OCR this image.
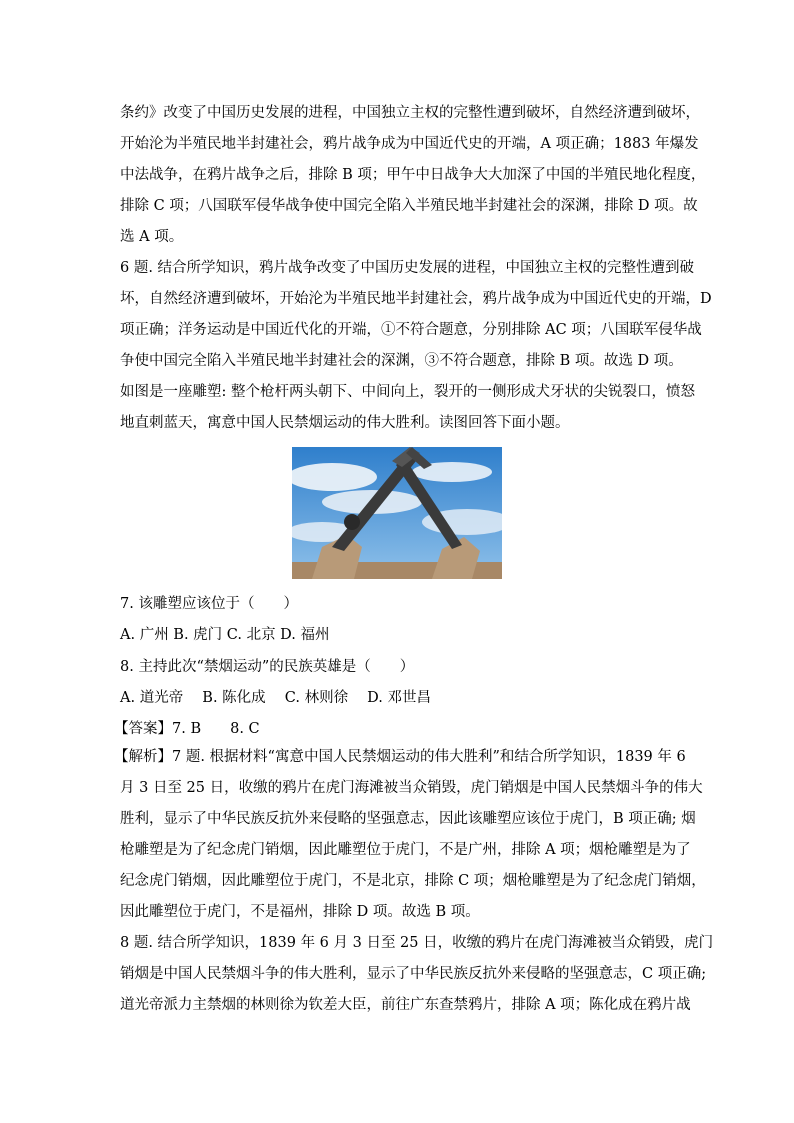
条约》改变了中国历史发展的进程，中国独立主权的完整性遭到破坏，自然经济遭到破坏，
开始沦为半殖民地半封建社会，鸦片战争成为中国近代史的开端，A 项正确；1883 年爆发
中法战争，在鸦片战争之后，排除 B 项；甲午中日战争大大加深了中国的半殖民地化程度，
排除 C 项；八国联军侵华战争使中国完全陷入半殖民地半封建社会的深渊，排除 D 项。故
选 A 项。
6 题. 结合所学知识，鸦片战争改变了中国历史发展的进程，中国独立主权的完整性遭到破
坏，自然经济遭到破坏，开始沦为半殖民地半封建社会，鸦片战争成为中国近代史的开端，D
项正确；洋务运动是中国近代化的开端，①不符合题意，分别排除 AC 项；八国联军侵华战
争使中国完全陷入半殖民地半封建社会的深渊，③不符合题意，排除 B 项。故选 D 项。
如图是一座雕塑: 整个枪杆两头朝下、中间向上，裂开的一侧形成犬牙状的尖锐裂口，愤怒
地直刺蓝天，寓意中国人民禁烟运动的伟大胜利。读图回答下面小题。
7. 该雕塑应该位于（　　）
A. 广州 B. 虎门 C. 北京 D. 福州
8. 主持此次“禁烟运动”的民族英雄是（　　）
A. 道光帝　 B. 陈化成　 C. 林则徐　 D. 邓世昌
【答案】7. B　　8. C
【解析】7 题. 根据材料“寓意中国人民禁烟运动的伟大胜利”和结合所学知识，1839 年 6
月 3 日至 25 日，收缴的鸦片在虎门海滩被当众销毁，虎门销烟是中国人民禁烟斗争的伟大
胜利，显示了中华民族反抗外来侵略的坚强意志，因此该雕塑应该位于虎门，B 项正确; 烟
枪雕塑是为了纪念虎门销烟，因此雕塑位于虎门，不是广州，排除 A 项；烟枪雕塑是为了
纪念虎门销烟，因此雕塑位于虎门，不是北京，排除 C 项；烟枪雕塑是为了纪念虎门销烟，
因此雕塑位于虎门，不是福州，排除 D 项。故选 B 项。
8 题. 结合所学知识，1839 年 6 月 3 日至 25 日，收缴的鸦片在虎门海滩被当众销毁，虎门
销烟是中国人民禁烟斗争的伟大胜利，显示了中华民族反抗外来侵略的坚强意志，C 项正确;
道光帝派力主禁烟的林则徐为钦差大臣，前往广东查禁鸦片，排除 A 项；陈化成在鸦片战
